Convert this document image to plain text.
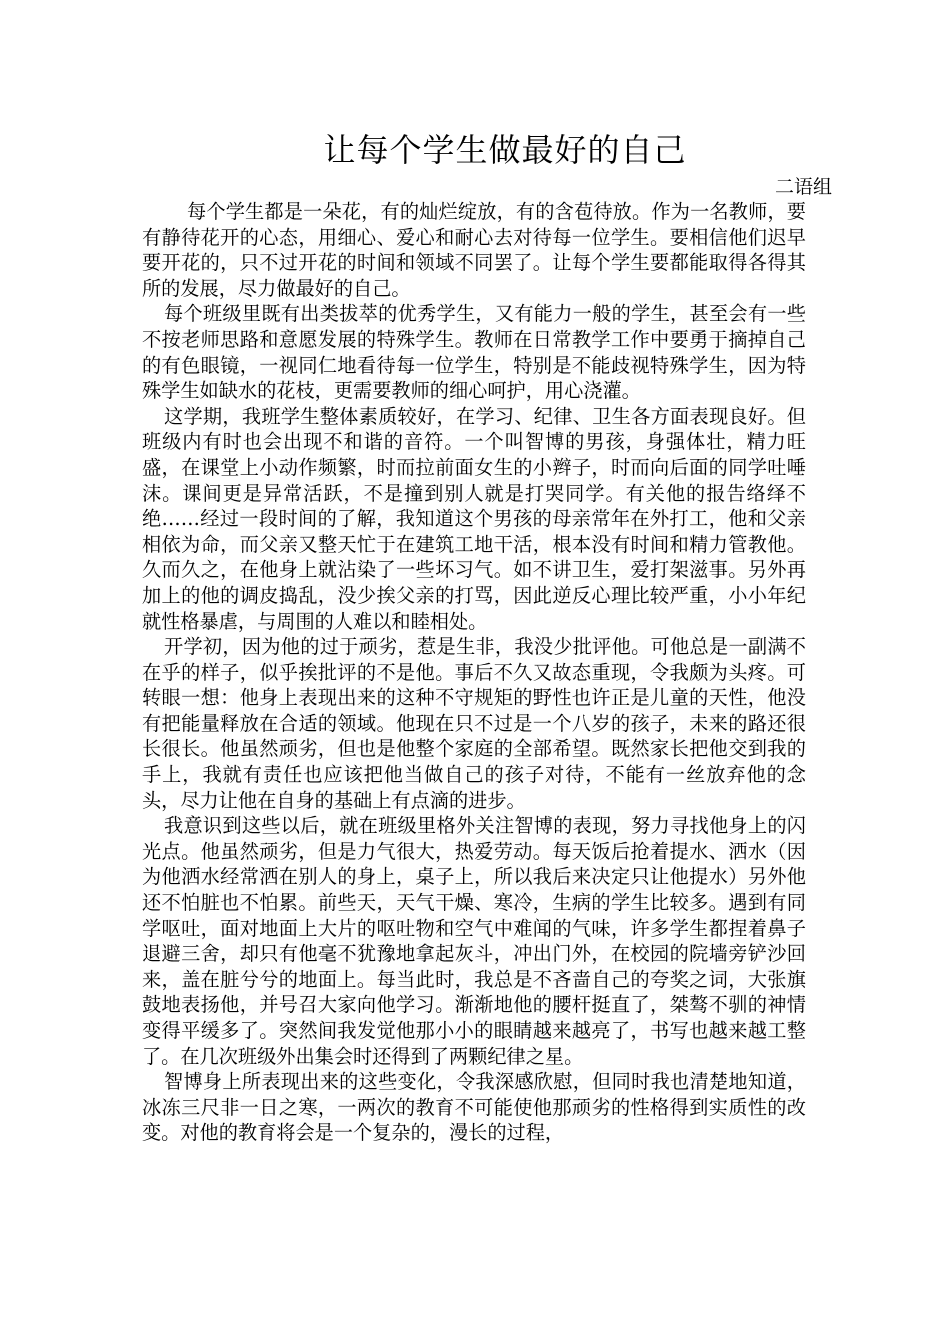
让每个学生做最好的自己
二语组

每个学生都是一朵花，有的灿烂绽放，有的含苞待放。作为一名教师，要有静待花开的心态，用细心、爱心和耐心去对待每一位学生。要相信他们迟早要开花的，只不过开花的时间和领域不同罢了。让每个学生要都能取得各得其所的发展，尽力做最好的自己。

每个班级里既有出类拔萃的优秀学生，又有能力一般的学生，甚至会有一些不按老师思路和意愿发展的特殊学生。教师在日常教学工作中要勇于摘掉自己的有色眼镜，一视同仁地看待每一位学生，特别是不能歧视特殊学生，因为特殊学生如缺水的花枝，更需要教师的细心呵护，用心浇灌。

这学期，我班学生整体素质较好，在学习、纪律、卫生各方面表现良好。但班级内有时也会出现不和谐的音符。一个叫智博的男孩，身强体壮，精力旺盛，在课堂上小动作频繁，时而拉前面女生的小辫子，时而向后面的同学吐唾沫。课间更是异常活跃，不是撞到别人就是打哭同学。有关他的报告络绎不绝……经过一段时间的了解，我知道这个男孩的母亲常年在外打工，他和父亲相依为命，而父亲又整天忙于在建筑工地干活，根本没有时间和精力管教他。久而久之，在他身上就沾染了一些坏习气。如不讲卫生，爱打架滋事。另外再加上的他的调皮捣乱，没少挨父亲的打骂，因此逆反心理比较严重，小小年纪就性格暴虐，与周围的人难以和睦相处。

开学初，因为他的过于顽劣，惹是生非，我没少批评他。可他总是一副满不在乎的样子，似乎挨批评的不是他。事后不久又故态重现，令我颇为头疼。可转眼一想：他身上表现出来的这种不守规矩的野性也许正是儿童的天性，他没有把能量释放在合适的领域。他现在只不过是一个八岁的孩子，未来的路还很长很长。他虽然顽劣，但也是他整个家庭的全部希望。既然家长把他交到我的手上，我就有责任也应该把他当做自己的孩子对待，不能有一丝放弃他的念头，尽力让他在自身的基础上有点滴的进步。

我意识到这些以后，就在班级里格外关注智博的表现，努力寻找他身上的闪光点。他虽然顽劣，但是力气很大，热爱劳动。每天饭后抢着提水、洒水（因为他洒水经常洒在别人的身上，桌子上，所以我后来决定只让他提水）另外他还不怕脏也不怕累。前些天，天气干燥、寒冷，生病的学生比较多。遇到有同学呕吐，面对地面上大片的呕吐物和空气中难闻的气味，许多学生都捏着鼻子退避三舍，却只有他毫不犹豫地拿起灰斗，冲出门外，在校园的院墙旁铲沙回来，盖在脏兮兮的地面上。每当此时，我总是不吝啬自己的夸奖之词，大张旗鼓地表扬他，并号召大家向他学习。渐渐地他的腰杆挺直了，桀骜不驯的神情变得平缓多了。突然间我发觉他那小小的眼睛越来越亮了，书写也越来越工整了。在几次班级外出集会时还得到了两颗纪律之星。

智博身上所表现出来的这些变化，令我深感欣慰，但同时我也清楚地知道，冰冻三尺非一日之寒，一两次的教育不可能使他那顽劣的性格得到实质性的改变。对他的教育将会是一个复杂的，漫长的过程，
